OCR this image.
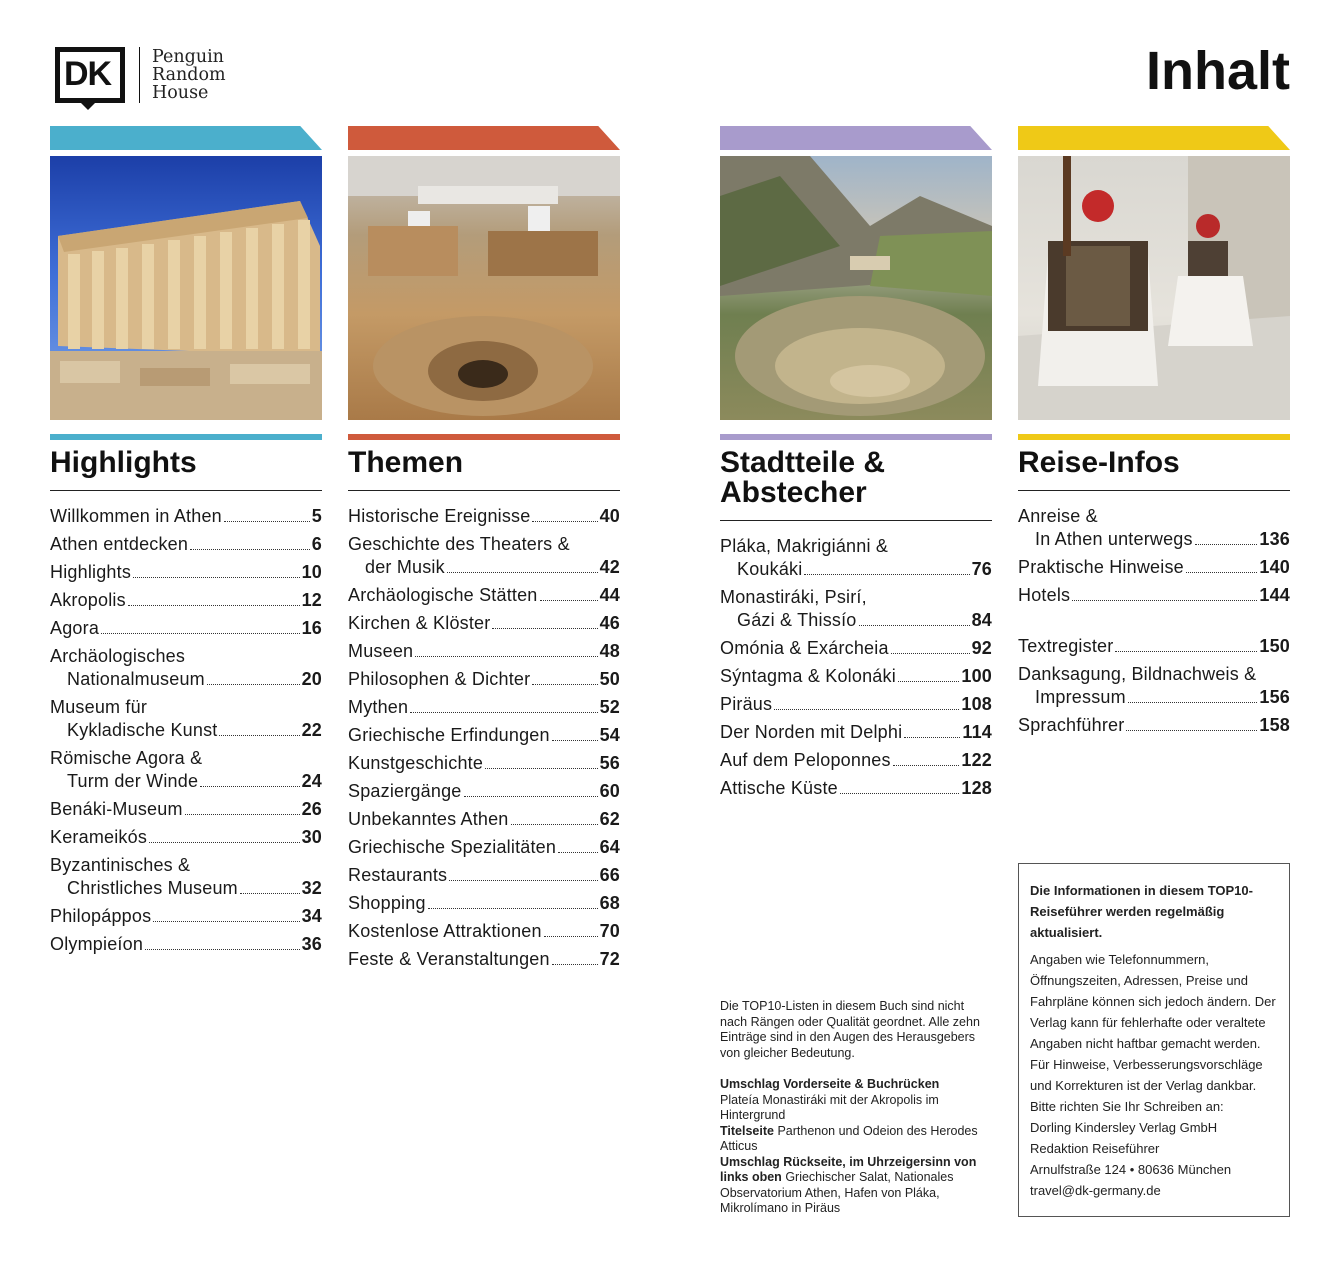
DK Penguin
Random
House	Inhalt
Highlights
Willkommen in Athen	5
Athen entdecken	6
Highlights	10
Akropolis	12
Agora	16
Archäologisches
Nationalmuseum	20
Museum für
Kykladische Kunst	22
Römische Agora &
Turm der Winde	24
Benáki-Museum	26
Kerameikós	30
Byzantinisches &
Christliches Museum	32
Philopáppos	34
Olympieíon	36
Themen
Historische Ereignisse	40
Geschichte des Theaters &
der Musik	42
Archäologische Stätten	44
Kirchen & Klöster	46
Museen	48
Philosophen & Dichter	50
Mythen	52
Griechische Erfindungen	54
Kunstgeschichte	56
Spaziergänge	60
Unbekanntes Athen	62
Griechische Spezialitäten 64
Restaurants	66
Shopping	68
Kostenlose Attraktionen	70
Feste & Veranstaltungen	72
Stadtteile &
Abstecher
Pláka, Makrigiánni &
Koukáki	76
Monastiráki, Psirí,
Gázi & Thissío	84
Omónia & Exárcheia	92
Sýntagma & Kolonáki	100
Piräus	108
Der Norden mit Delphi	114
Auf dem Peloponnes	122
Attische Küste	128
Reise-Infos
Anreise &
In Athen unterwegs	136
Praktische Hinweise	140
Hotels	144
Textregister	150
Danksagung, Bildnachweis &
Impressum	156
Sprachführer	158

Die TOP10-Listen in diesem Buch sind nicht nach Rängen oder Qualität geordnet. Alle zehn Einträge sind in den Augen des Herausgebers von gleicher Bedeutung.

Umschlag Vorderseite & Buchrücken
Plateía Monastiráki mit der Akropolis im Hintergrund
Titelseite Parthenon und Odeion des Herodes Atticus
Umschlag Rückseite, im Uhrzeigersinn von links oben Griechischer Salat, Nationales Observatorium Athen, Hafen von Pláka, Mikrolímano in Piräus
Die Informationen in diesem TOP10-Reiseführer werden regelmäßig aktualisiert.
Angaben wie Telefonnummern, Öffnungszeiten, Adressen, Preise und Fahrpläne können sich jedoch ändern. Der Verlag kann für fehlerhafte oder veraltete Angaben nicht haftbar gemacht werden. Für Hinweise, Verbesserungsvorschläge und Korrekturen ist der Verlag dankbar.
Bitte richten Sie Ihr Schreiben an:
Dorling Kindersley Verlag GmbH
Redaktion Reiseführer
Arnulfstraße 124 • 80636 München
travel@dk-germany.de
